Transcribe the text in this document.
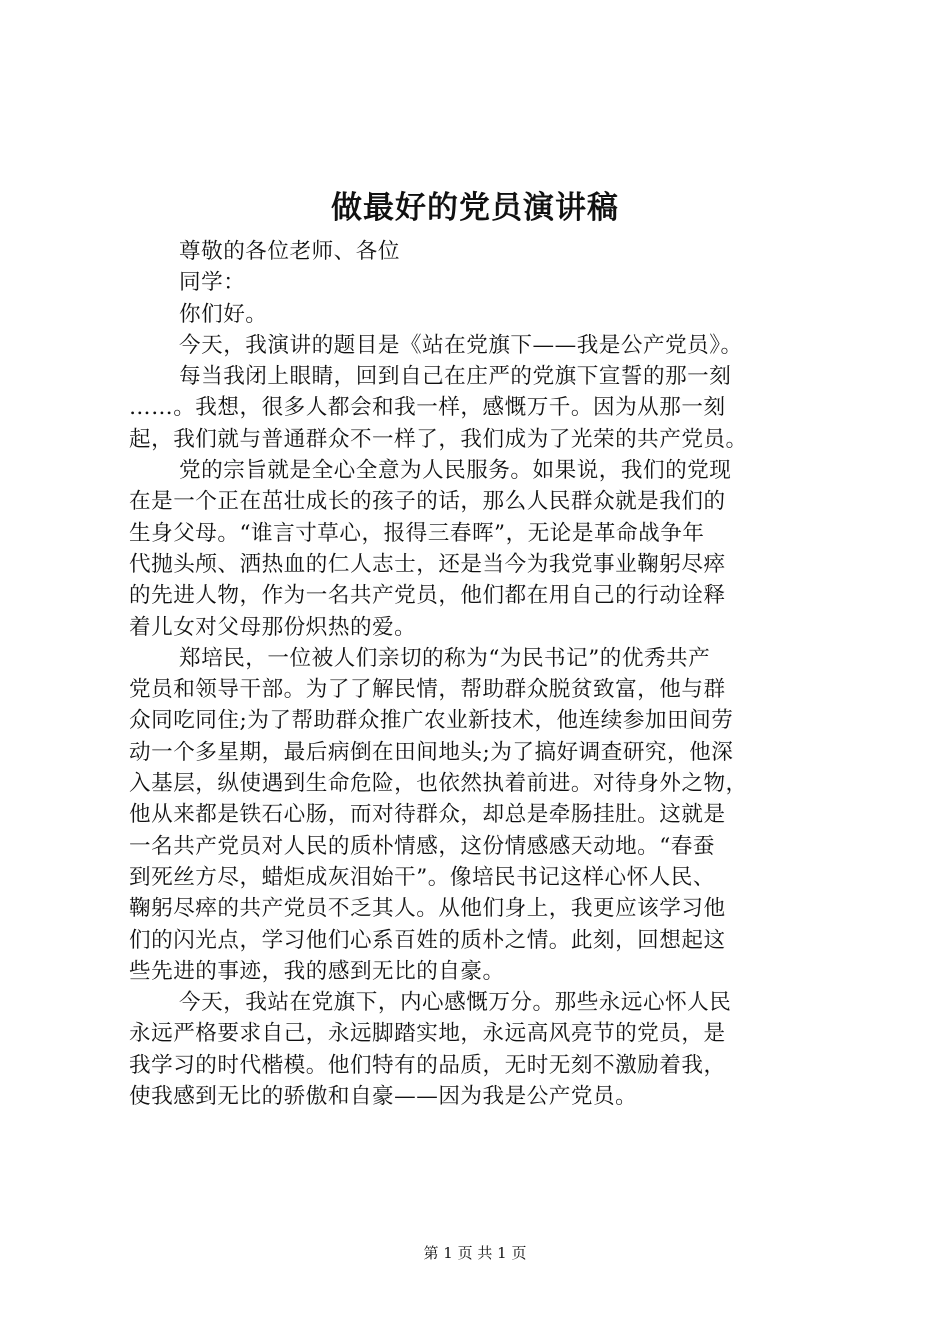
做最好的党员演讲稿
尊敬的各位老师、各位
同学：
你们好。
今天，我演讲的题目是《站在党旗下——我是公产党员》。
每当我闭上眼睛，回到自己在庄严的党旗下宣誓的那一刻
……。我想，很多人都会和我一样，感慨万千。因为从那一刻
起，我们就与普通群众不一样了，我们成为了光荣的共产党员。
党的宗旨就是全心全意为人民服务。如果说，我们的党现
在是一个正在茁壮成长的孩子的话，那么人民群众就是我们的
生身父母。“谁言寸草心，报得三春晖”，无论是革命战争年
代抛头颅、洒热血的仁人志士，还是当今为我党事业鞠躬尽瘁
的先进人物，作为一名共产党员，他们都在用自己的行动诠释
着儿女对父母那份炽热的爱。
郑培民，一位被人们亲切的称为“为民书记”的优秀共产
党员和领导干部。为了了解民情，帮助群众脱贫致富，他与群
众同吃同住;为了帮助群众推广农业新技术，他连续参加田间劳
动一个多星期，最后病倒在田间地头;为了搞好调查研究，他深
入基层，纵使遇到生命危险，也依然执着前进。对待身外之物，
他从来都是铁石心肠，而对待群众，却总是牵肠挂肚。这就是
一名共产党员对人民的质朴情感，这份情感感天动地。“春蚕
到死丝方尽，蜡炬成灰泪始干”。像培民书记这样心怀人民、
鞠躬尽瘁的共产党员不乏其人。从他们身上，我更应该学习他
们的闪光点，学习他们心系百姓的质朴之情。此刻，回想起这
些先进的事迹，我的感到无比的自豪。
今天，我站在党旗下，内心感慨万分。那些永远心怀人民
永远严格要求自己，永远脚踏实地，永远高风亮节的党员，是
我学习的时代楷模。他们特有的品质，无时无刻不激励着我，
使我感到无比的骄傲和自豪——因为我是公产党员。
第 1 页 共 1 页
